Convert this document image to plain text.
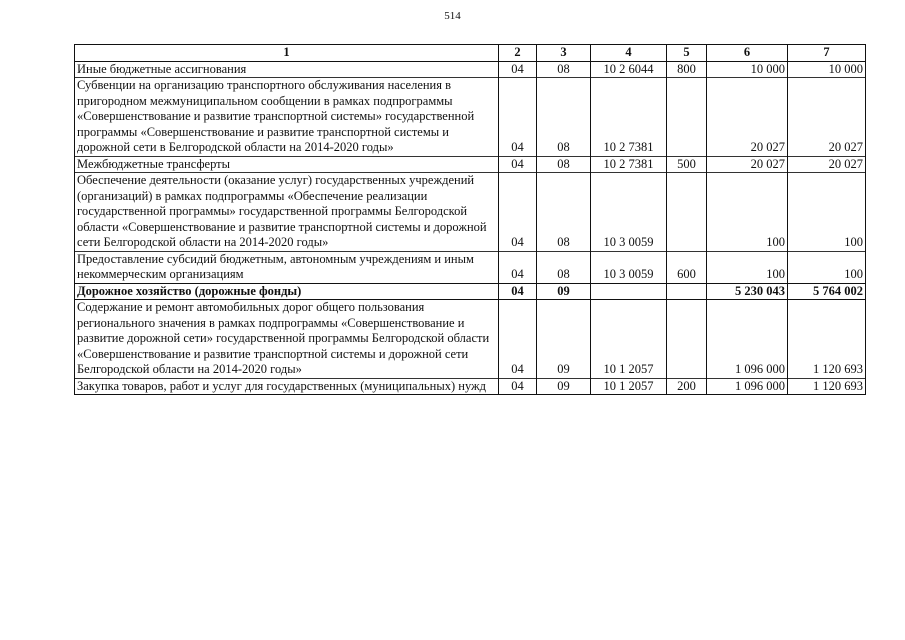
514
1	2	3	4	5	6	7
Иные бюджетные ассигнования	04	08	10 2 6044	800	10 000	10 000
Субвенции на организацию транспортного обслуживания населения в пригородном межмуниципальном сообщении в рамках подпрограммы «Совершенствование и развитие транспортной системы» государственной программы «Совершенствование и развитие транспортной системы и дорожной сети в Белгородской области на 2014-2020 годы»	04	08	10 2 7381		20 027	20 027
Межбюджетные трансферты	04	08	10 2 7381	500	20 027	20 027
Обеспечение деятельности (оказание услуг) государственных учреждений (организаций) в рамках подпрограммы «Обеспечение реализации государственной программы» государственной программы Белгородской области «Совершенствование и развитие транспортной системы и дорожной сети Белгородской области на 2014-2020 годы»	04	08	10 3 0059		100	100
Предоставление субсидий бюджетным, автономным учреждениям и иным некоммерческим организациям	04	08	10 3 0059	600	100	100
Дорожное хозяйство (дорожные фонды)	04	09			5 230 043	5 764 002
Содержание и ремонт автомобильных дорог общего пользования регионального значения в рамках подпрограммы «Совершенствование и развитие дорожной сети» государственной программы Белгородской области «Совершенствование и развитие транспортной системы и дорожной сети Белгородской области на 2014-2020 годы»	04	09	10 1 2057		1 096 000	1 120 693
Закупка товаров, работ и услуг для государственных (муниципальных) нужд	04	09	10 1 2057	200	1 096 000	1 120 693
